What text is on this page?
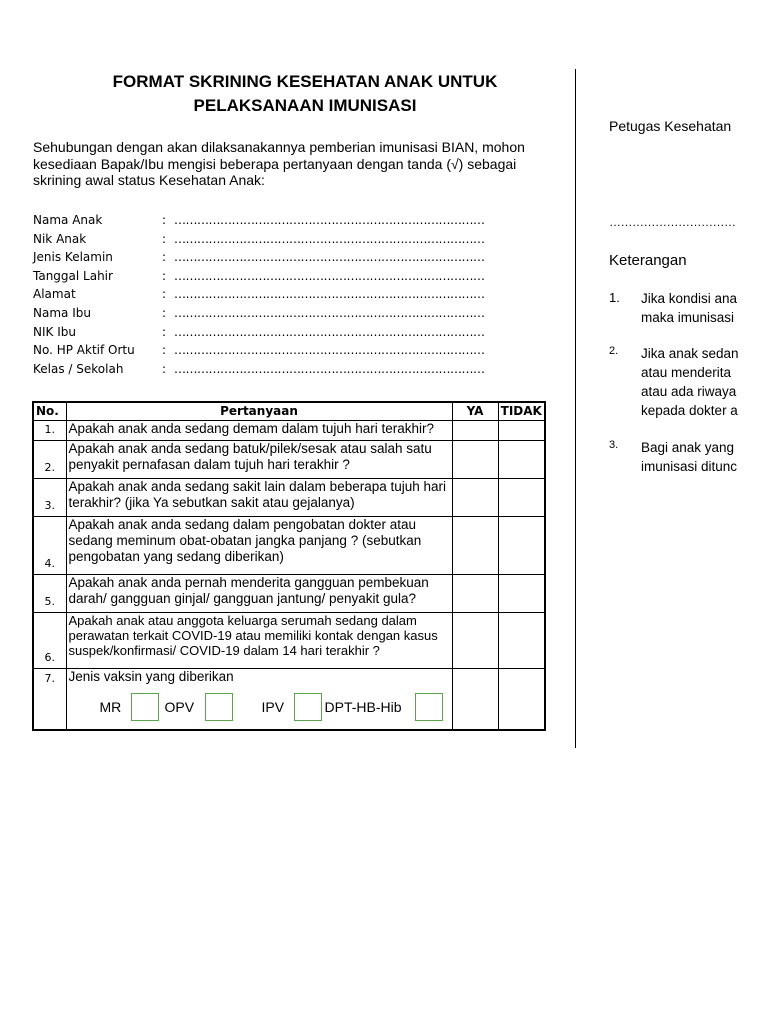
FORMAT SKRINING KESEHATAN ANAK UNTUK
PELAKSANAAN IMUNISASI
Sehubungan dengan akan dilaksanakannya pemberian imunisasi BIAN, mohon kesediaan Bapak/Ibu mengisi beberapa pertanyaan dengan tanda (√) sebagai skrining awal status Kesehatan Anak:
Nama Anak	: ………………………………………………………………………
Nik Anak	: ………………………………………………………………………
Jenis Kelamin	: ………………………………………………………………………
Tanggal Lahir	: ………………………………………………………………………
Alamat	: ………………………………………………………………………
Nama Ibu	: ………………………………………………………………………
NIK Ibu	: ………………………………………………………………………
No. HP Aktif Ortu : ………………………………………………………………………
Kelas / Sekolah	: ………………………………………………………………………
No.	Pertanyaan	YA	TIDAK
1.	Apakah anak anda sedang demam dalam tujuh hari terakhir?		
2.	Apakah anak anda sedang batuk/pilek/sesak atau salah satu penyakit pernafasan dalam tujuh hari terakhir ?		
3.	Apakah anak anda sedang sakit lain dalam beberapa tujuh hari terakhir? (jika Ya sebutkan sakit atau gejalanya)		
4.	Apakah anak anda sedang dalam pengobatan dokter atau sedang meminum obat-obatan jangka panjang ? (sebutkan pengobatan yang sedang diberikan)		
5.	Apakah anak anda pernah menderita gangguan pembekuan darah/ gangguan ginjal/ gangguan jantung/ penyakit gula?		
6.	Apakah anak atau anggota keluarga serumah sedang dalam perawatan terkait COVID-19 atau memiliki kontak dengan kasus suspek/konfirmasi/ COVID-19 dalam 14 hari terakhir ?		
7.	Jenis vaksin yang diberikan
MR OPV IPV DPT-HB-Hib		

Petugas Kesehatan
……………………………
Keterangan
1. Jika kondisi ana
maka imunisasi
2. Jika anak sedan
atau menderita
atau ada riwaya
kepada dokter a
3. Bagi anak yang
imunisasi ditunc
